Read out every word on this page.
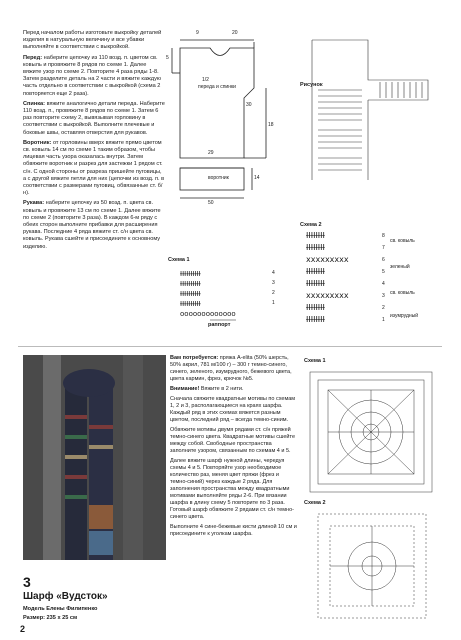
Перед началом работы изготовьте выкройку деталей изделия в натуральную величину и все убавки выполняйте в соответствии с выкройкой.

Перед: наберите цепочку из 110 возд. п. цветом св. ковыль и провяжите 8 рядов по схеме 1. Далее вяжите узор по схеме 2. Повторите 4 раза ряды 1-8. Затем разделите деталь на 2 части и вяжите каждую часть отдельно в соответствии с выкройкой (схема 2 повторяется еще 2 раза).

Спинка: вяжите аналогично детали переда. Наберите 110 возд. п., провяжите 8 рядов по схеме 1. Затем 6 раз повторите схему 2, вывязывая горловину в соответствии с выкройкой. Выполните плечевые и боковые швы, оставляя отверстия для рукавов.

Воротник: от горловины вверх вяжите прямо цветом св. ковыль 14 см по схеме 1 таким образом, чтобы лицевая часть узора оказалась внутри. Затем обвяжите воротник и разрез для застежки 1 рядом ст. с/н. С одной стороны от разреза пришейте пуговицы, а с другой вяжите петли для них (цепочки из возд. п. в соответствии с размерами пуговиц, обвязанные ст. б/н).

Рукава: наберите цепочку из 50 возд. п. цвета св. ковыль и провяжите 13 см по схеме 1. Далее вяжите по схеме 2 (повторите 3 раза). В каждом 6-м ряду с обеих сторон выполните прибавки для расширения рукава. Последние 4 ряда вяжите ст. с/н цвета св. ковыль. Рукава сшейте и присоедините к основному изделию.

9	20
5
1/2
переда и спинки
30
18
29
воротник	14
50
Рисунок
Схема 1
ƗƗƗƗƗƗƗƗƗƗ
ƗƗƗƗƗƗƗƗƗƗ
ƗƗƗƗƗƗƗƗƗƗ
ƗƗƗƗƗƗƗƗƗƗ
ooooooooooooo
4
3
2
1
раппорт
Схема 2
ƗƗƗƗƗƗƗƗ
ƗƗƗƗƗƗƗƗ
xxxxxxxxx
ƗƗƗƗƗƗƗƗ
ƗƗƗƗƗƗƗƗ
xxxxxxxxx
ƗƗƗƗƗƗƗƗ
ƗƗƗƗƗƗƗƗ
8
7
6
5
4
3
2
1
св. ковыль
зеленый
св. ковыль
изумрудный
3
Шарф «Вудсток»
Модель Елены Филипенко
Размер: 235 х 25 см

Вам потребуется: пряжа A-elita (50% шерсть, 50% акрил, 781 м/100 г) – 300 г темно-синего, синего, зеленого, изумрудного, бежевого цвета, цвета кармин, фрез, крючок №5.

Внимание! Вяжите в 2 нити.

Сначала свяжите квадратные мотивы по схемам 1, 2 и 3, располагающиеся на краях шарфа. Каждый ряд в этих схемах вяжется разным цветом, последний ряд – всегда темно-синим.

Обвяжите мотивы двумя рядами ст. с/н пряжей темно-синего цвета. Квадратные мотивы сшейте между собой. Свободные пространства заполните узором, связанным по схемам 4 и 5.

Далее вяжите шарф нужной длины, чередуя схемы 4 и 5. Повторяйте узор необходимое количество раз, меняя цвет пряжи (фрез и темно-синий) через каждые 2 ряда. Для заполнения пространства между квадратными мотивами выполняйте ряды 2-6. При вязании шарфа в длину схему 5 повторите по 3 раза. Готовый шарф обвяжите 2 рядами ст. с/н темно-синего цвета.

Выполните 4 сине-бежевые кисти длиной 10 см и присоедините к уголкам шарфа.

Схема 1
Схема 2
2
